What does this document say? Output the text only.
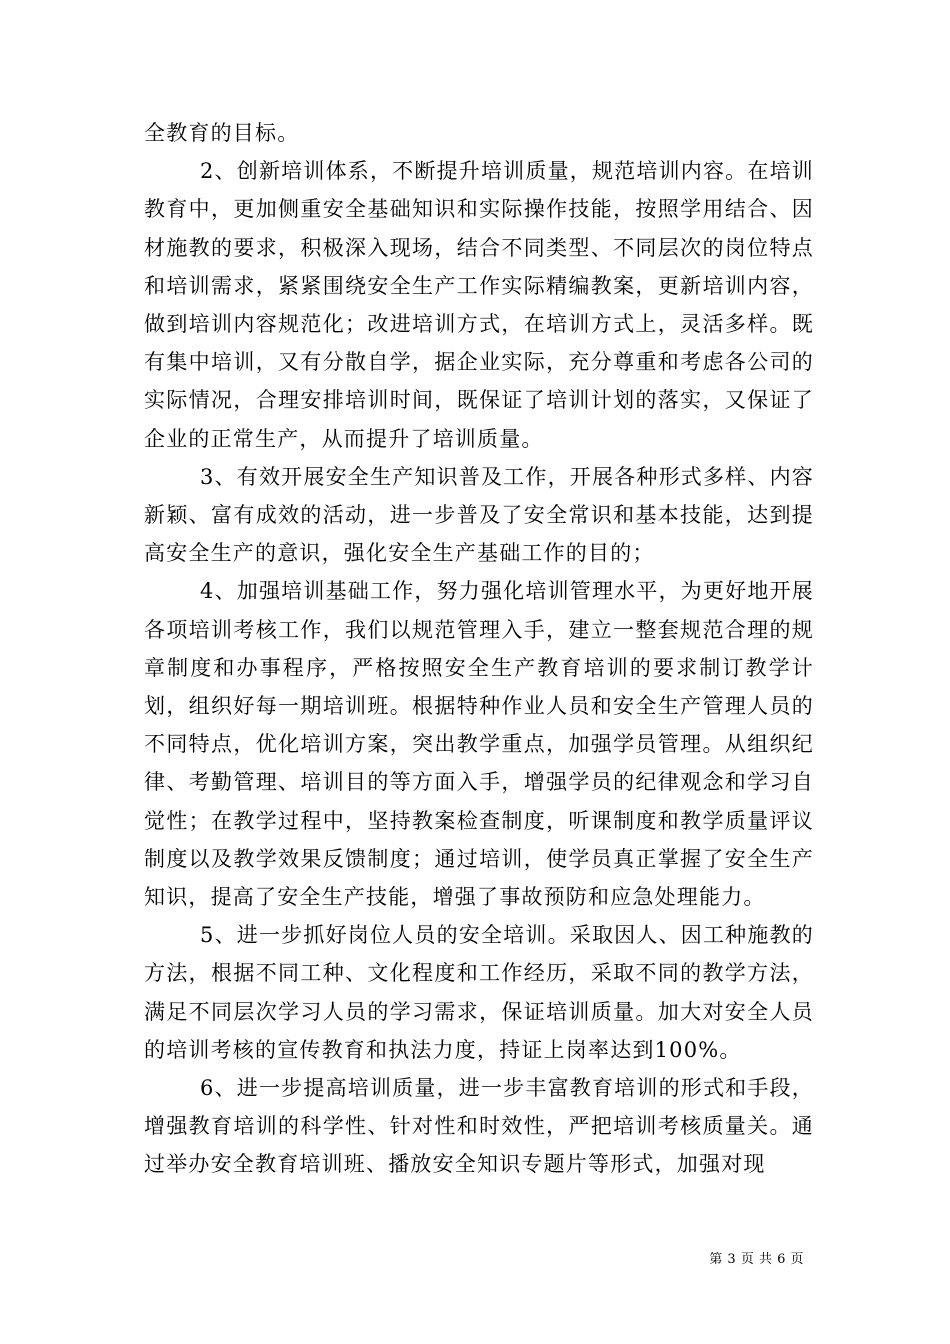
全教育的目标。

2、创新培训体系，不断提升培训质量，规范培训内容。在培训教育中，更加侧重安全基础知识和实际操作技能，按照学用结合、因材施教的要求，积极深入现场，结合不同类型、不同层次的岗位特点和培训需求，紧紧围绕安全生产工作实际精编教案，更新培训内容，做到培训内容规范化；改进培训方式，在培训方式上，灵活多样。既有集中培训，又有分散自学，据企业实际，充分尊重和考虑各公司的实际情况，合理安排培训时间，既保证了培训计划的落实，又保证了企业的正常生产，从而提升了培训质量。

3、有效开展安全生产知识普及工作，开展各种形式多样、内容新颖、富有成效的活动，进一步普及了安全常识和基本技能，达到提高安全生产的意识，强化安全生产基础工作的目的；

4、加强培训基础工作，努力强化培训管理水平，为更好地开展各项培训考核工作，我们以规范管理入手，建立一整套规范合理的规章制度和办事程序，严格按照安全生产教育培训的要求制订教学计划，组织好每一期培训班。根据特种作业人员和安全生产管理人员的不同特点，优化培训方案，突出教学重点，加强学员管理。从组织纪律、考勤管理、培训目的等方面入手，增强学员的纪律观念和学习自觉性；在教学过程中，坚持教案检查制度，听课制度和教学质量评议制度以及教学效果反馈制度；通过培训，使学员真正掌握了安全生产知识，提高了安全生产技能，增强了事故预防和应急处理能力。

5、进一步抓好岗位人员的安全培训。采取因人、因工种施教的方法，根据不同工种、文化程度和工作经历，采取不同的教学方法，满足不同层次学习人员的学习需求，保证培训质量。加大对安全人员的培训考核的宣传教育和执法力度，持证上岗率达到100%。

6、进一步提高培训质量，进一步丰富教育培训的形式和手段，增强教育培训的科学性、针对性和时效性，严把培训考核质量关。通过举办安全教育培训班、播放安全知识专题片等形式，加强对现

第 3 页 共 6 页
